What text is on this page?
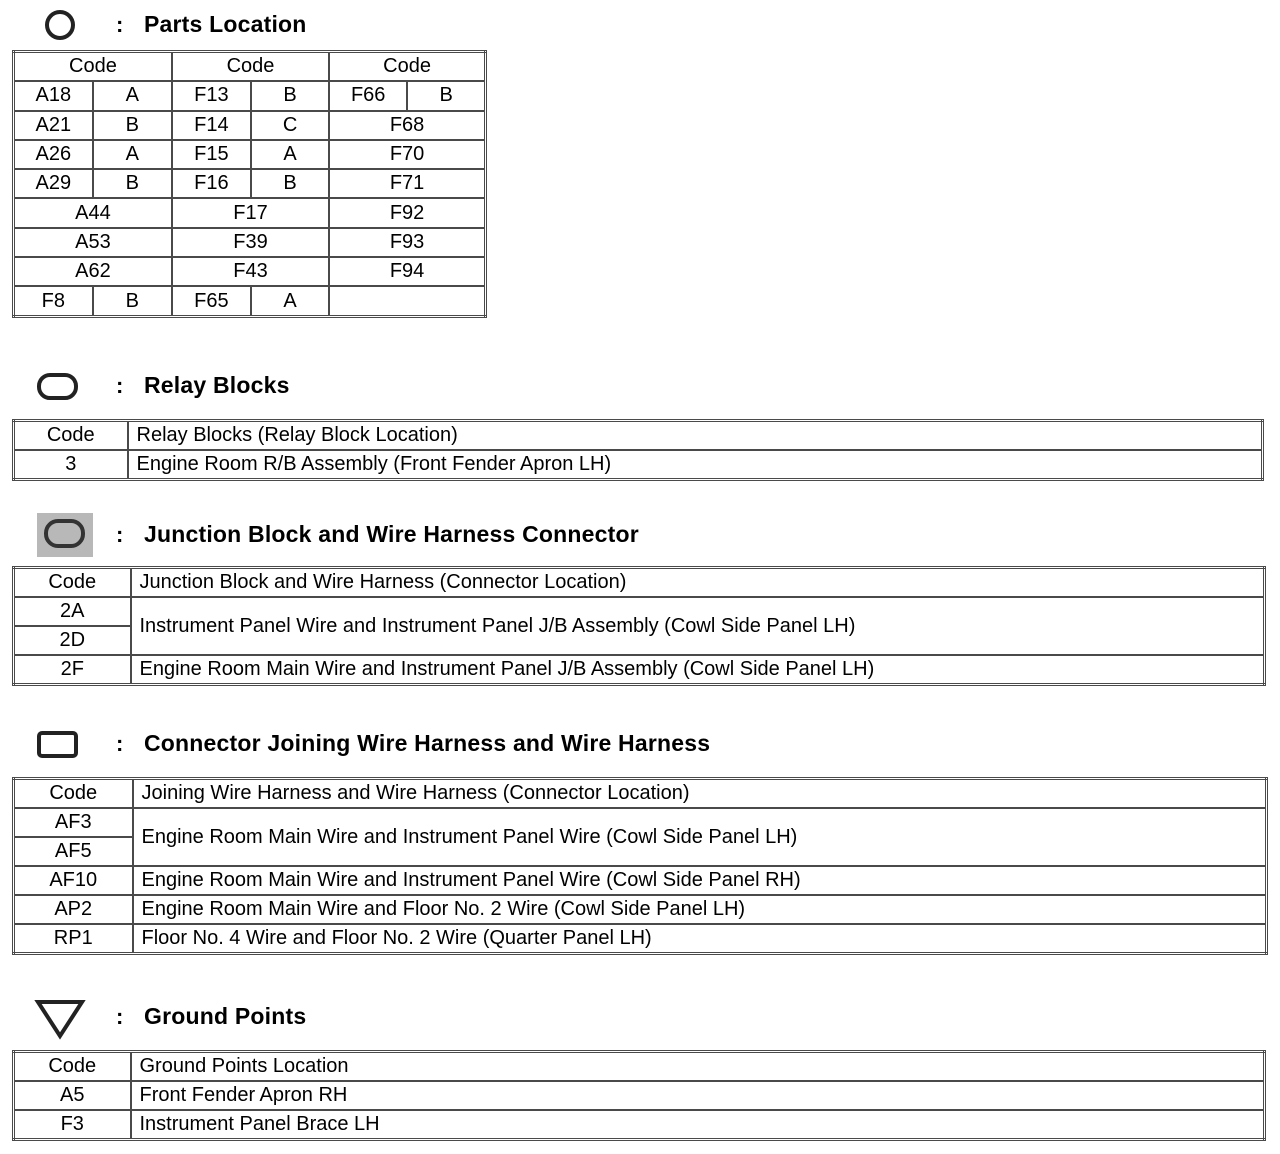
: Parts Location
Code		Code		Code	
A18	A	F13	B	F66	B
A21	B	F14	C	F68	
A26	A	F15	A	F70	
A29	B	F16	B	F71	
A44		F17		F92	
A53		F39		F93	
A62		F43		F94	
F8	B	F65	A		
: Relay Blocks
Code	Relay Blocks (Relay Block Location)
3	Engine Room R/B Assembly (Front Fender Apron LH)
: Junction Block and Wire Harness Connector
Code	Junction Block and Wire Harness (Connector Location)
2A	Instrument Panel Wire and Instrument Panel J/B Assembly (Cowl Side Panel LH)
2D	
2F	Engine Room Main Wire and Instrument Panel J/B Assembly (Cowl Side Panel LH)
: Connector Joining Wire Harness and Wire Harness
Code	Joining Wire Harness and Wire Harness (Connector Location)
AF3	Engine Room Main Wire and Instrument Panel Wire (Cowl Side Panel LH)
AF5	
AF10	Engine Room Main Wire and Instrument Panel Wire (Cowl Side Panel RH)
AP2	Engine Room Main Wire and Floor No. 2 Wire (Cowl Side Panel LH)
RP1	Floor No. 4 Wire and Floor No. 2 Wire (Quarter Panel LH)
: Ground Points
Code	Ground Points Location
A5	Front Fender Apron RH
F3	Instrument Panel Brace LH
